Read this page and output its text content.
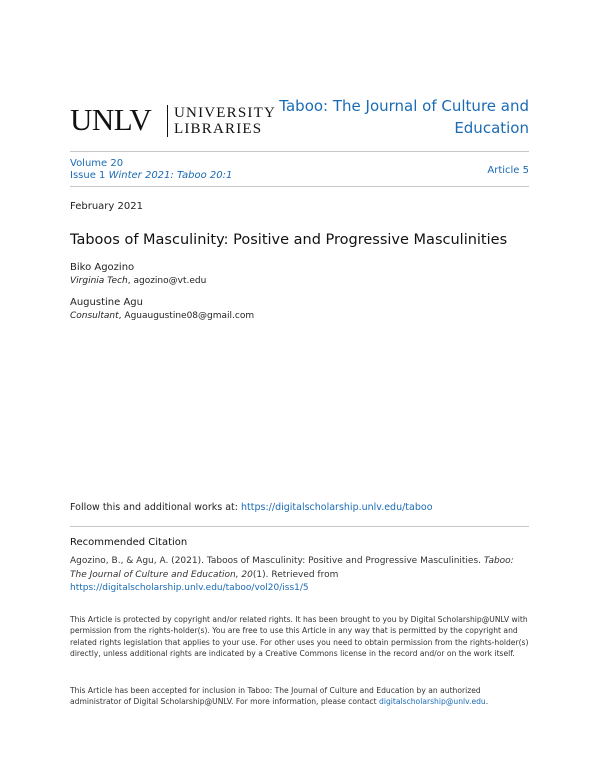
UNLV UNIVERSITY
LIBRARIES
Taboo: The Journal of Culture and Education
Volume 20
Issue 1 Winter 2021: Taboo 20:1	Article 5
February 2021
Taboos of Masculinity: Positive and Progressive Masculinities
Biko Agozino
Virginia Tech, agozino@vt.edu
Augustine Agu
Consultant, Aguaugustine08@gmail.com
Follow this and additional works at: https://digitalscholarship.unlv.edu/taboo
Recommended Citation
Agozino, B., & Agu, A. (2021). Taboos of Masculinity: Positive and Progressive Masculinities. Taboo: The Journal of Culture and Education, 20(1). Retrieved from https://digitalscholarship.unlv.edu/taboo/vol20/iss1/5
This Article is protected by copyright and/or related rights. It has been brought to you by Digital Scholarship@UNLV with permission from the rights-holder(s). You are free to use this Article in any way that is permitted by the copyright and related rights legislation that applies to your use. For other uses you need to obtain permission from the rights-holder(s) directly, unless additional rights are indicated by a Creative Commons license in the record and/or on the work itself.
This Article has been accepted for inclusion in Taboo: The Journal of Culture and Education by an authorized administrator of Digital Scholarship@UNLV. For more information, please contact digitalscholarship@unlv.edu.
